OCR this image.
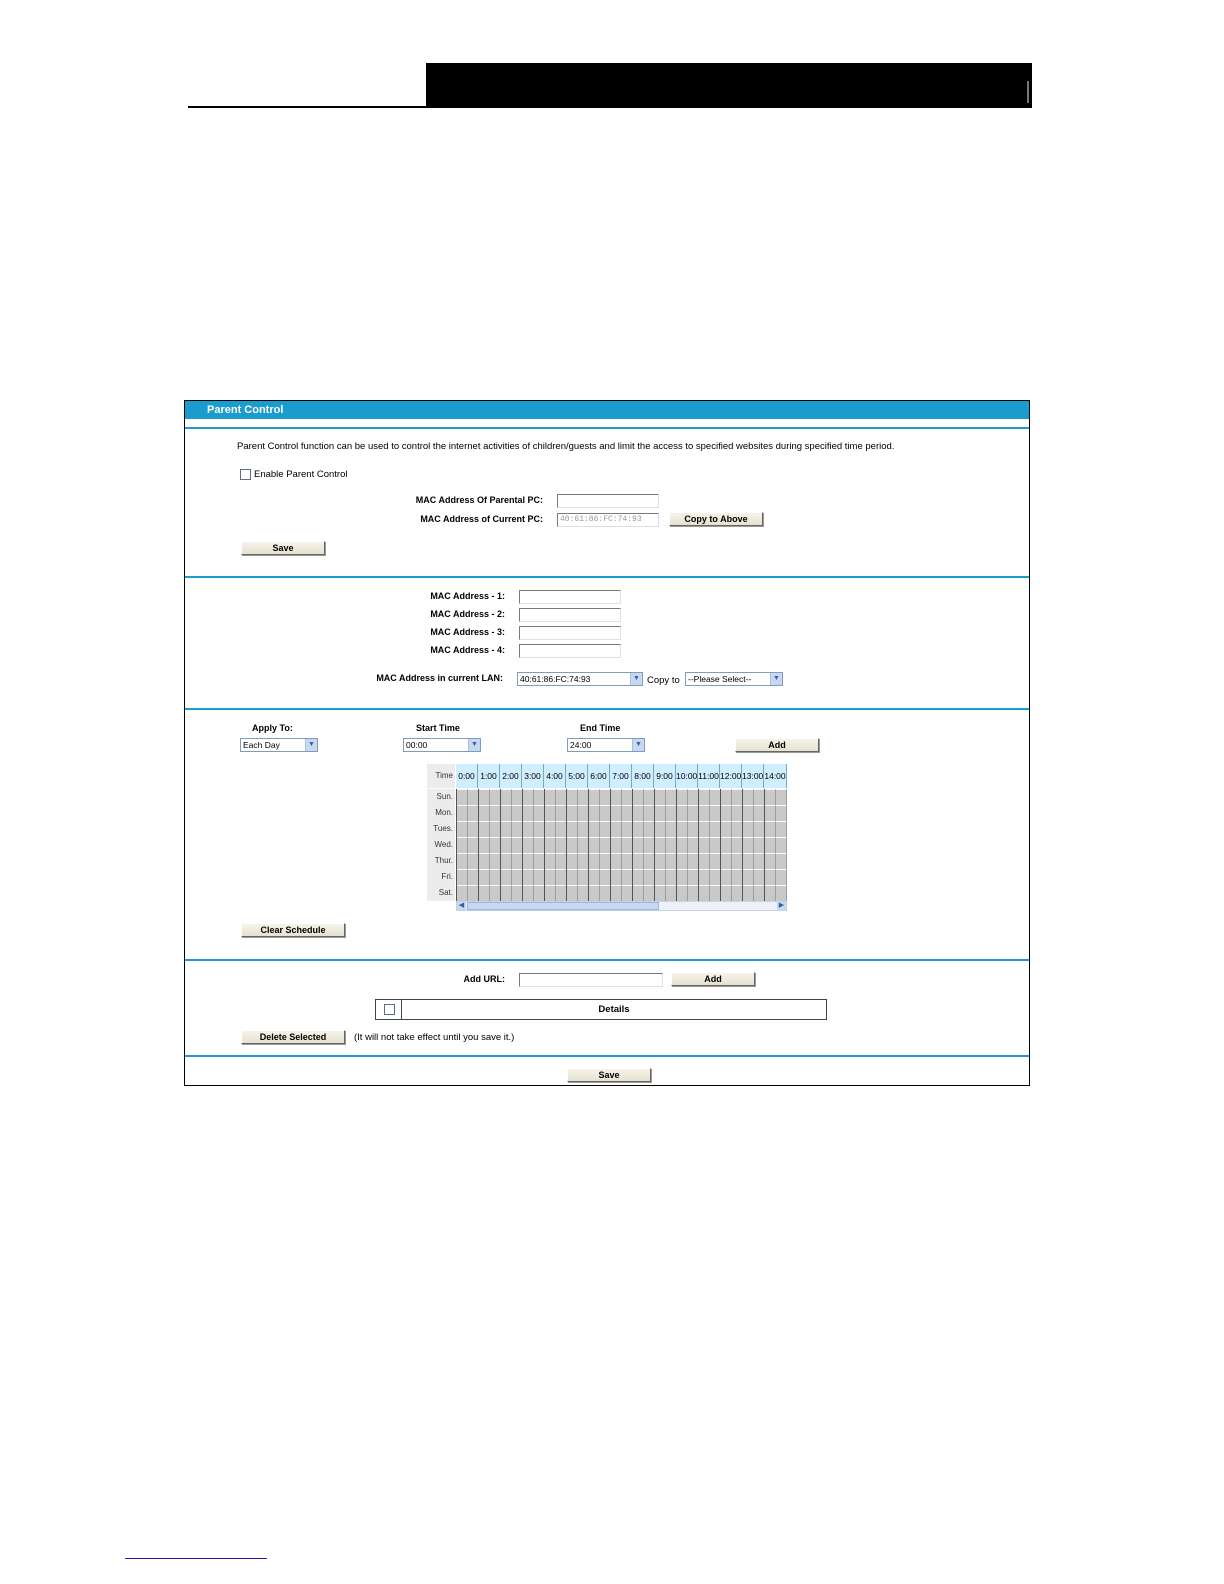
Parent Control
Parent Control function can be used to control the internet activities of children/guests and limit the access to specified websites during specified time period.
Enable Parent Control
MAC Address Of Parental PC:
MAC Address of Current PC:	40:61:86:FC:74:93	Copy to Above
Save
MAC Address - 1:
MAC Address - 2:
MAC Address - 3:
MAC Address - 4:
MAC Address in current LAN:	40:61:86:FC:74:93	▼ Copy to --Please Select--	▼
Apply To:
Each Day	▼
Start Time
00:00	▼
End Time
24:00	▼	Add
Time 0:00 1:00 2:00 3:00 4:00 5:00 6:00 7:00 8:00 9:00 10:00 11:00 12:00 13:00 14:00
Sun.
Mon.
Tues.
Wed.
Thur.
Fri.
Sat.
◀	▶
Clear Schedule
Add URL:	Add
Details
Delete Selected	(It will not take effect until you save it.)
Save
